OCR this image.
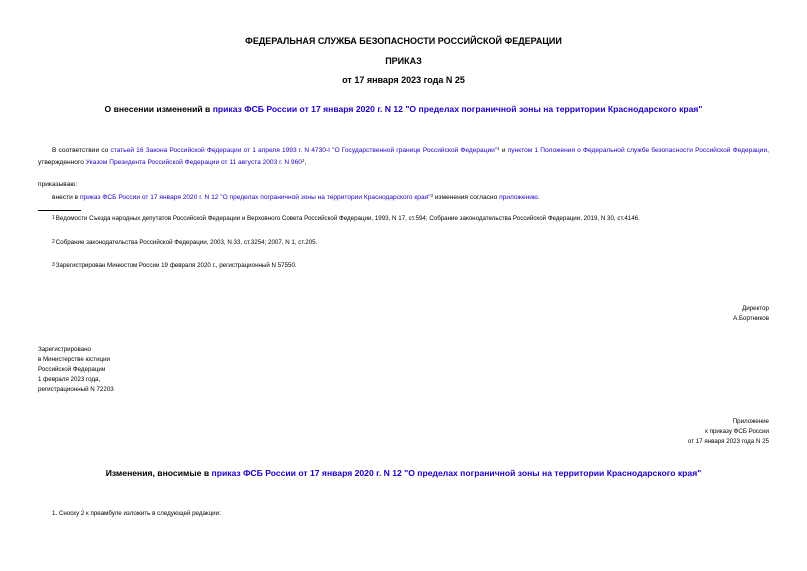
ФЕДЕРАЛЬНАЯ СЛУЖБА БЕЗОПАСНОСТИ РОССИЙСКОЙ ФЕДЕРАЦИИ
ПРИКАЗ
от 17 января 2023 года N 25
О внесении изменений в приказ ФСБ России от 17 января 2020 г. N 12 "О пределах пограничной зоны на территории Краснодарского края"
В соответствии со статьей 16 Закона Российской Федерации от 1 апреля 1993 г. N 4730-I "О Государственной границе Российской Федерации"$^1$ и пунктом 1 Положения о Федеральной службе безопасности Российской Федерации, утвержденного Указом Президента Российской Федерации от 11 августа 2003 г. N $960^2$,
приказываю:
внести в приказ ФСБ России от 17 января 2020 г. N 12 "О пределах пограничной зоны на территории Краснодарского края"$^3$ изменения согласно приложению.
1Ведомости Съезда народных депутатов Российской Федерации и Верховного Совета Российской Федерации, 1993, N 17, ст.594; Собрание законодательства Российской Федерации, 2019, N 30, ст.4146.
2Собрание законодательства Российской Федерации, 2003, N 33, ст.3254; 2007, N 1, ст.205.
3Зарегистрирован Минюстом России 19 февраля 2020 г., регистрационный N 57550.
Директор
А.Бортников
Зарегистрировано
в Министерстве юстиции
Российской Федерации
1 февраля 2023 года,
регистрационный N 72203
Приложение
к приказу ФСБ России
от 17 января 2023 года N 25
Изменения, вносимые в приказ ФСБ России от 17 января 2020 г. N 12 "О пределах пограничной зоны на территории Краснодарского края"
1. Сноску 2 к преамбуле изложить в следующей редакции:
